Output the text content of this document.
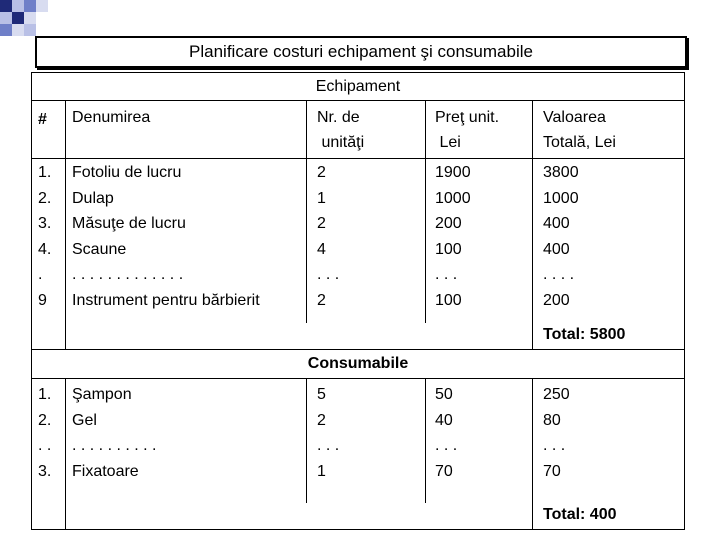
Planificare costuri echipament şi consumabile
Echipament
# Denumirea	Nr. de
unităţi
Preţ unit.
Lei
Valoarea
Totală, Lei
1.
2.
3.
4.
.
9
Fotoliu de lucru
Dulap
Măsuţe de lucru
Scaune
. . . . . . . . . . . . .
Instrument pentru bărbierit
2
1
2
4
. . .
2
1900
1000
200
100
. . .
100
3800
1000
400
400
. . . .
200
Total: 5800
Consumabile
1.
2.
. .
3.
Şampon
Gel
. . . . . . . . . .
Fixatoare
5
2
. . .
1
50
40
. . .
70
250
80
. . .
70
Total: 400
